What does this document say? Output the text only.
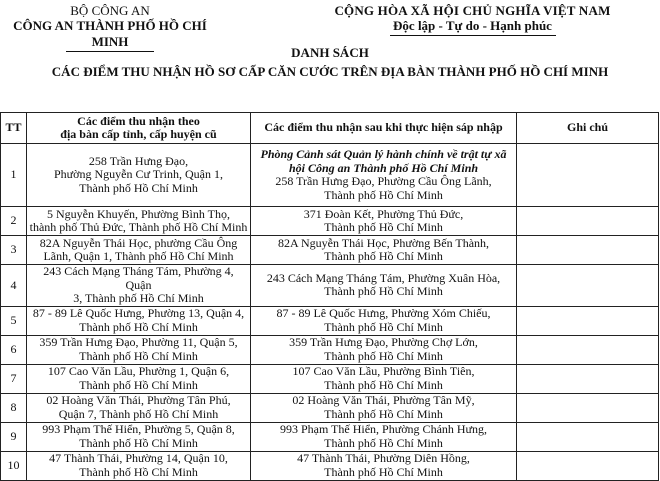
BỘ CÔNG AN
CÔNG AN THÀNH PHỐ HỒ CHÍ MINH
CỘNG HÒA XÃ HỘI CHỦ NGHĨA VIỆT NAM
Độc lập - Tự do - Hạnh phúc
DANH SÁCH
CÁC ĐIỂM THU NHẬN HỒ SƠ CẤP CĂN CƯỚC TRÊN ĐỊA BÀN THÀNH PHỐ HỒ CHÍ MINH
TT	Các điểm thu nhận theo
địa bàn cấp tỉnh, cấp huyện cũ	Các điểm thu nhận sau khi thực hiện sáp nhập	Ghi chú
1	258 Trần Hưng Đạo,
Phường Nguyễn Cư Trinh, Quận 1,
Thành phố Hồ Chí Minh	Phòng Cảnh sát Quản lý hành chính về trật tự xã hội Công an Thành phố Hồ Chí Minh
258 Trần Hưng Đạo, Phường Cầu Ông Lãnh,
Thành phố Hồ Chí Minh	

2	5 Nguyễn Khuyến, Phường Bình Thọ,
thành phố Thủ Đức, Thành phố Hồ Chí Minh	371 Đoàn Kết, Phường Thủ Đức,
Thành phố Hồ Chí Minh	

3	82A Nguyễn Thái Học, phường Cầu Ông
Lãnh, Quận 1, Thành phố Hồ Chí Minh	82A Nguyễn Thái Học, Phường Bến Thành,
Thành phố Hồ Chí Minh	

4	243 Cách Mạng Tháng Tám, Phường 4, Quận
3, Thành phố Hồ Chí Minh	243 Cách Mạng Tháng Tám, Phường Xuân Hòa,
Thành phố Hồ Chí Minh	

5	87 - 89 Lê Quốc Hưng, Phường 13, Quận 4,
Thành phố Hồ Chí Minh	87 - 89 Lê Quốc Hưng, Phường Xóm Chiếu,
Thành phố Hồ Chí Minh	

6	359 Trần Hưng Đạo, Phường 11, Quận 5,
Thành phố Hồ Chí Minh	359 Trần Hưng Đạo, Phường Chợ Lớn,
Thành phố Hồ Chí Minh	

7	107 Cao Văn Lầu, Phường 1, Quận 6,
Thành phố Hồ Chí Minh	107 Cao Văn Lầu, Phường Bình Tiên,
Thành phố Hồ Chí Minh	

8	02 Hoàng Văn Thái, Phường Tân Phú,
Quận 7, Thành phố Hồ Chí Minh	02 Hoàng Văn Thái, Phường Tân Mỹ,
Thành phố Hồ Chí Minh	

9	993 Phạm Thế Hiển, Phường 5, Quận 8,
Thành phố Hồ Chí Minh	993 Phạm Thế Hiển, Phường Chánh Hưng,
Thành phố Hồ Chí Minh	

10	47 Thành Thái, Phường 14, Quận 10,
Thành phố Hồ Chí Minh	47 Thành Thái, Phường Diên Hồng,
Thành phố Hồ Chí Minh	
